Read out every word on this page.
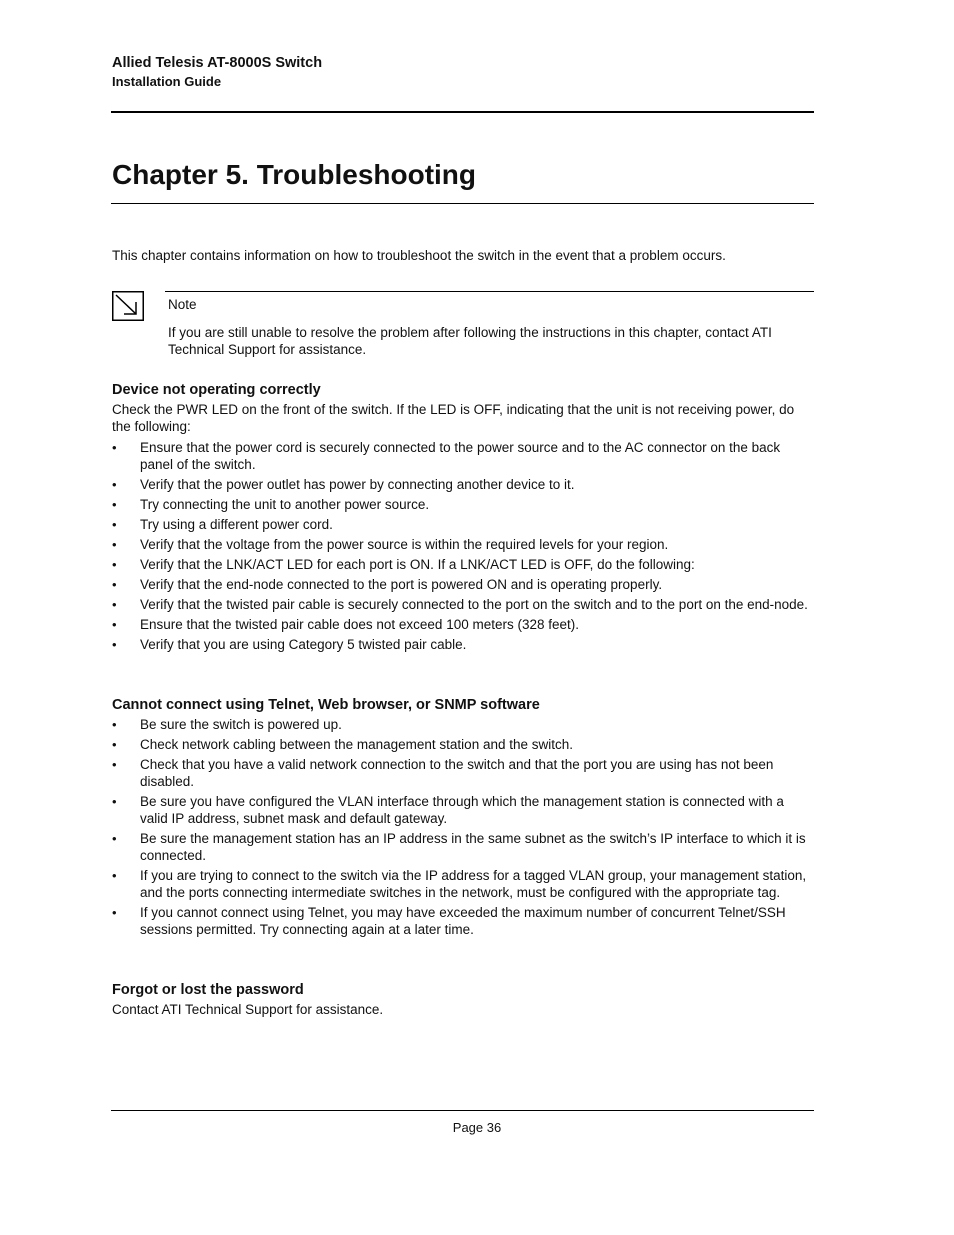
Allied Telesis AT-8000S Switch
Installation Guide
Chapter 5. Troubleshooting

This chapter contains information on how to troubleshoot the switch in the event that a problem occurs.

Note

If you are still unable to resolve the problem after following the instructions in this chapter, contact ATI Technical Support for assistance.

Device not operating correctly

Check the PWR LED on the front of the switch. If the LED is OFF, indicating that the unit is not receiving power, do the following:

• Ensure that the power cord is securely connected to the power source and to the AC connector on the back panel of the switch.
• Verify that the power outlet has power by connecting another device to it.
• Try connecting the unit to another power source.
• Try using a different power cord.
• Verify that the voltage from the power source is within the required levels for your region.
• Verify that the LNK/ACT LED for each port is ON. If a LNK/ACT LED is OFF, do the following:
• Verify that the end-node connected to the port is powered ON and is operating properly.
• Verify that the twisted pair cable is securely connected to the port on the switch and to the port on the end-node.
• Ensure that the twisted pair cable does not exceed 100 meters (328 feet).
• Verify that you are using Category 5 twisted pair cable.
Cannot connect using Telnet, Web browser, or SNMP software
• Be sure the switch is powered up.
• Check network cabling between the management station and the switch.
• Check that you have a valid network connection to the switch and that the port you are using has not been disabled.
• Be sure you have configured the VLAN interface through which the management station is connected with a valid IP address, subnet mask and default gateway.
• Be sure the management station has an IP address in the same subnet as the switch’s IP interface to which it is connected.
• If you are trying to connect to the switch via the IP address for a tagged VLAN group, your management station, and the ports connecting intermediate switches in the network, must be configured with the appropriate tag.
• If you cannot connect using Telnet, you may have exceeded the maximum number of concurrent Telnet/SSH sessions permitted. Try connecting again at a later time.
Forgot or lost the password

Contact ATI Technical Support for assistance.

Page 36
